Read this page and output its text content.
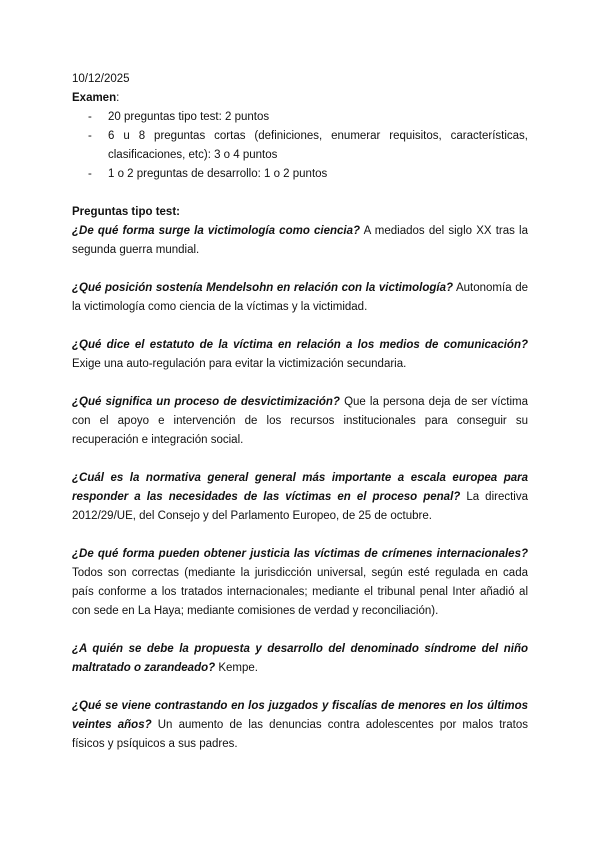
10/12/2025

Examen:

- 20 preguntas tipo test: 2 puntos
- 6 u 8 preguntas cortas (definiciones, enumerar requisitos, características, clasificaciones, etc): 3 o 4 puntos
- 1 o 2 preguntas de desarrollo: 1 o 2 puntos

Preguntas tipo test:

¿De qué forma surge la victimología como ciencia? A mediados del siglo XX tras la segunda guerra mundial.

¿Qué posición sostenía Mendelsohn en relación con la victimología? Autonomía de la victimología como ciencia de la víctimas y la victimidad.

¿Qué dice el estatuto de la víctima en relación a los medios de comunicación? Exige una auto-regulación para evitar la victimización secundaria.

¿Qué significa un proceso de desvictimización? Que la persona deja de ser víctima con el apoyo e intervención de los recursos institucionales para conseguir su recuperación e integración social.

¿Cuál es la normativa general general más importante a escala europea para responder a las necesidades de las víctimas en el proceso penal? La directiva 2012/29/UE, del Consejo y del Parlamento Europeo, de 25 de octubre.

¿De qué forma pueden obtener justicia las víctimas de crímenes internacionales? Todos son correctas (mediante la jurisdicción universal, según esté regulada en cada país conforme a los tratados internacionales; mediante el tribunal penal Inter añadió al con sede en La Haya; mediante comisiones de verdad y reconciliación).

¿A quién se debe la propuesta y desarrollo del denominado síndrome del niño maltratado o zarandeado? Kempe.

¿Qué se viene contrastando en los juzgados y fiscalías de menores en los últimos veintes años? Un aumento de las denuncias contra adolescentes por malos tratos físicos y psíquicos a sus padres.
